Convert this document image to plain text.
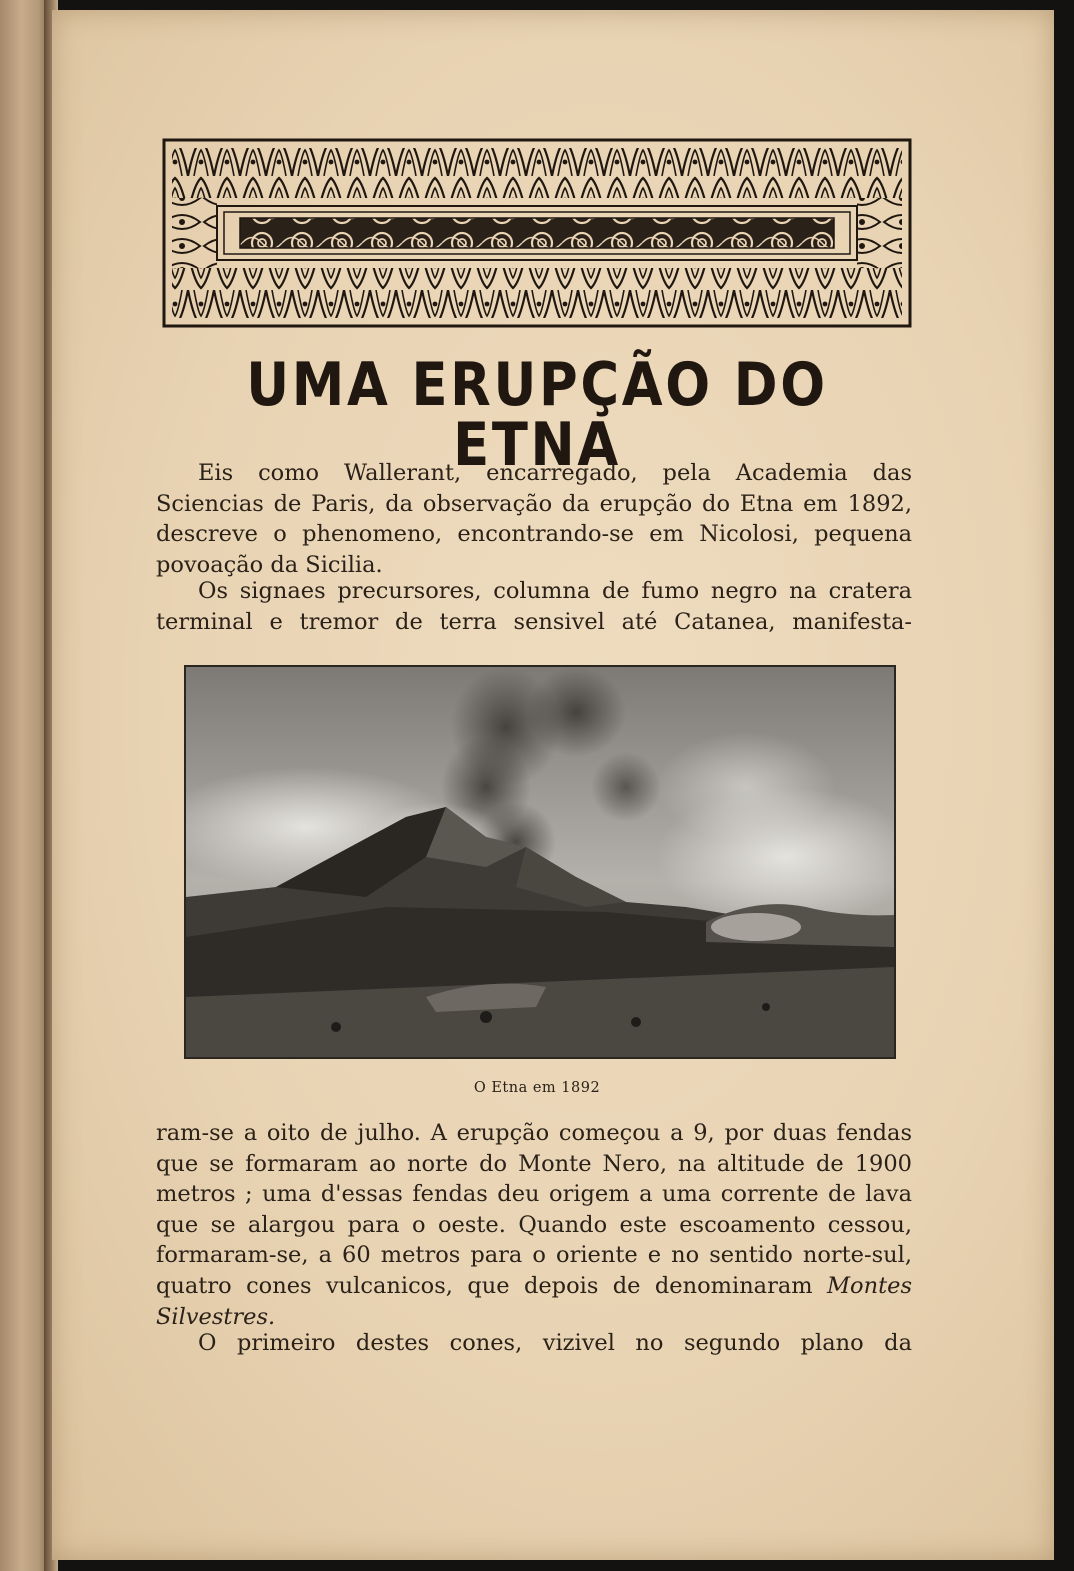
UMA ERUPÇÃO DO ETNA

Eis como Wallerant, encarregado, pela Academia das Sciencias de Paris, da observação da erupção do Etna em 1892, descreve o phenomeno, encontrando-se em Nicolosi, pequena povoação da Sicilia.

Os signaes precursores, columna de fumo negro na cratera terminal e tremor de terra sensivel até Catanea, manifesta-

O Etna em 1892

ram-se a oito de julho. A erupção começou a 9, por duas fendas que se formaram ao norte do Monte Nero, na altitude de 1900 metros ; uma d'essas fendas deu origem a uma corrente de lava que se alargou para o oeste. Quando este escoamento cessou, formaram-se, a 60 metros para o oriente e no sentido norte-sul, quatro cones vulcanicos, que depois de denominaram Montes Silvestres.

O primeiro destes cones, vizivel no segundo plano da
